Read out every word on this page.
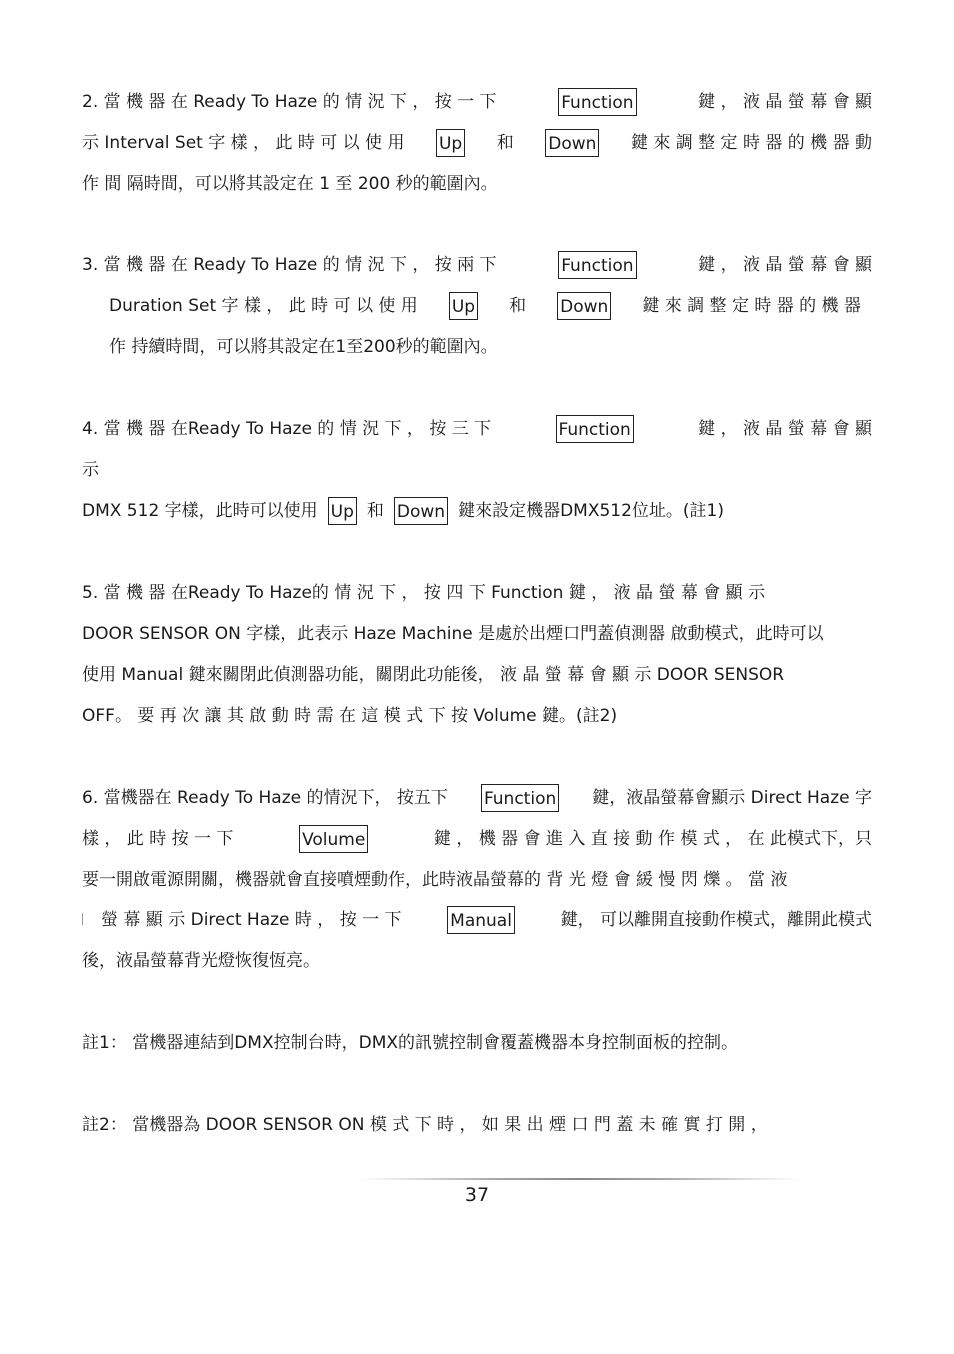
2. 當 機 器 在 Ready To Haze 的 情 況 下 ， 按 一 下	Function	鍵 ， 液 晶 螢 幕 會 顯
示 Interval Set 字 樣 ， 此 時 可 以 使 用 Up 和 Down 鍵 來 調 整 定 時 器 的 機 器 動
作 間 隔時間，可以將其設定在 1 至 200 秒的範圍內。
3. 當 機 器 在 Ready To Haze 的 情 況 下 ， 按 兩 下	Function	鍵 ， 液 晶 螢 幕 會 顯
Duration Set 字 樣 ， 此 時 可 以 使 用 Up 和 Down 鍵 來 調 整 定 時 器 的 機 器
作 持續時間，可以將其設定在1至200秒的範圍內。
4. 當 機 器 在Ready To Haze 的 情 況 下 ， 按 三 下	Function	鍵 ， 液 晶 螢 幕 會 顯
示
DMX 512 字樣，此時可以使用 Up 和 Down 鍵來設定機器DMX512位址。(註1)
5. 當 機 器 在Ready To Haze的 情 況 下 ， 按 四 下 Function 鍵 ， 液 晶 螢 幕 會 顯 示
DOOR SENSOR ON 字樣，此表示 Haze Machine 是處於出煙口門蓋偵測器 啟動模式，此時可以
使用 Manual 鍵來關閉此偵測器功能，關閉此功能後， 液 晶 螢 幕 會 顯 示 DOOR SENSOR
OFF。 要 再 次 讓 其 啟 動 時 需 在 這 模 式 下 按 Volume 鍵。(註2)
6. 當機器在 Ready To Haze 的情況下， 按五下 Function 鍵，液晶螢幕會顯示 Direct Haze 字
樣 ， 此 時 按 一 下	Volume	鍵 ， 機 器 會 進 入 直 接 動 作 模 式 ， 在 此模式下，只
要一開啟電源開關，機器就會直接噴煙動作，此時液晶螢幕的 背 光 燈 會 緩 慢 閃 爍 。 當 液
螢 幕 顯 示 Direct Haze 時 ， 按 一 下	Manual	鍵， 可以離開直接動作模式，離開此模式
後，液晶螢幕背光燈恢復恆亮。
註1： 當機器連結到DMX控制台時，DMX的訊號控制會覆蓋機器本身控制面板的控制。
註2： 當機器為 DOOR SENSOR ON 模 式 下 時 ， 如 果 出 煙 口 門 蓋 未 確 實 打 開 ，
37
